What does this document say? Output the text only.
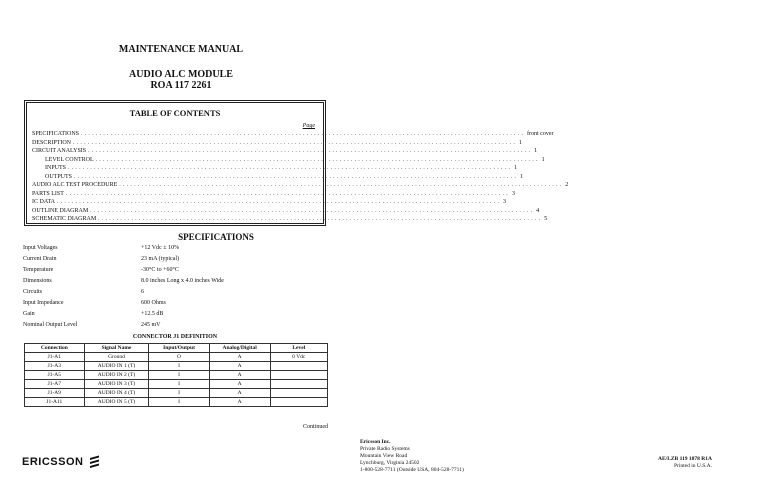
MAINTENANCE MANUAL
AUDIO ALC MODULE
ROA 117 2261
TABLE OF CONTENTS
Page
SPECIFICATIONS ........................................................................................................................ front cover
DESCRIPTION ........................................................................................................................ 1
CIRCUIT ANALYSIS ........................................................................................................................ 1
LEVEL CONTROL ........................................................................................................................ 1
INPUTS ........................................................................................................................ 1
OUTPUTS ........................................................................................................................ 1
AUDIO ALC TEST PROCEDURE ........................................................................................................................ 2
PARTS LIST ........................................................................................................................ 3
IC DATA ........................................................................................................................ 3
OUTLINE DIAGRAM ........................................................................................................................ 4
SCHEMATIC DIAGRAM ........................................................................................................................ 5
SPECIFICATIONS
Input Voltages	+12 Vdc ± 10%
Current Drain	23 mA (typical)
Temperature	-30°C to +60°C
Dimensions	8.0 inches Long x 4.0 inches Wide
Circuits	6
Input Impedance	600 Ohms
Gain	+12.5 dB
Nominal Output Level	245 mV
CONNECTOR J1 DEFINITION
Connection	Signal Name	Input/Output	Analog/Digital	Level
J1-A1	Ground	O	A	0 Vdc
J1-A3	AUDIO IN 1 (T)	I	A	
J1-A5	AUDIO IN 2 (T)	I	A	
J1-A7	AUDIO IN 3 (T)	I	A	
J1-A9	AUDIO IN 4 (T)	I	A	
J1-A11	AUDIO IN 5 (T)	I	A	
Continued
ERICSSON
Ericsson Inc.
Private Radio Systems
Mountain View Road
Lynchburg, Virginia 24502
1-800-528-7711 (Outside USA, 804-528-7711)
AE/LZB 119 1878 R1A
Printed in U.S.A.
